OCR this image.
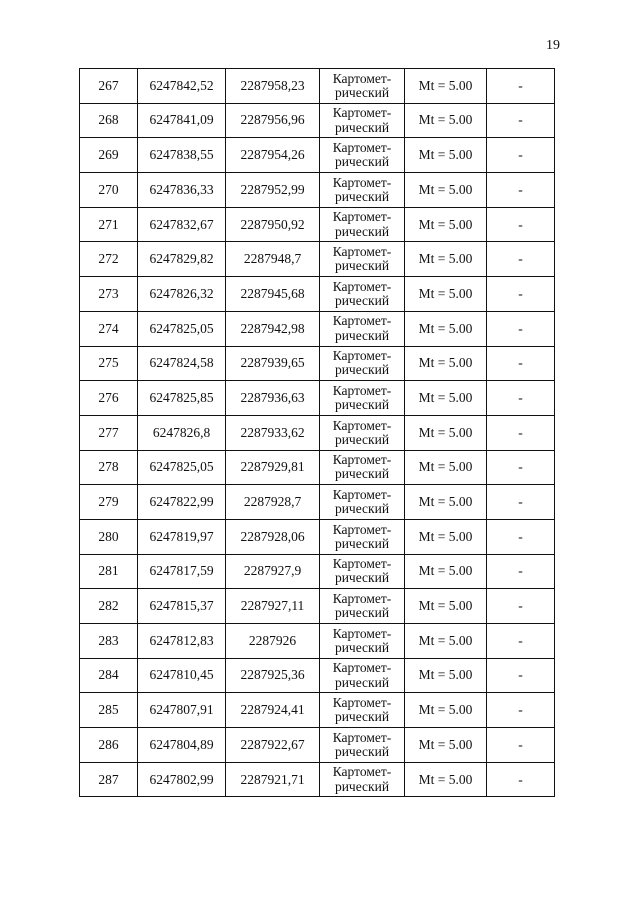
19
267	6247842,52	2287958,23	Картомет-
рический	Mt = 5.00	-
268	6247841,09	2287956,96	Картомет-
рический	Mt = 5.00	-
269	6247838,55	2287954,26	Картомет-
рический	Mt = 5.00	-
270	6247836,33	2287952,99	Картомет-
рический	Mt = 5.00	-
271	6247832,67	2287950,92	Картомет-
рический	Mt = 5.00	-
272	6247829,82	2287948,7	Картомет-
рический	Mt = 5.00	-
273	6247826,32	2287945,68	Картомет-
рический	Mt = 5.00	-
274	6247825,05	2287942,98	Картомет-
рический	Mt = 5.00	-
275	6247824,58	2287939,65	Картомет-
рический	Mt = 5.00	-
276	6247825,85	2287936,63	Картомет-
рический	Mt = 5.00	-
277	6247826,8	2287933,62	Картомет-
рический	Mt = 5.00	-
278	6247825,05	2287929,81	Картомет-
рический	Mt = 5.00	-
279	6247822,99	2287928,7	Картомет-
рический	Mt = 5.00	-
280	6247819,97	2287928,06	Картомет-
рический	Mt = 5.00	-
281	6247817,59	2287927,9	Картомет-
рический	Mt = 5.00	-
282	6247815,37	2287927,11	Картомет-
рический	Mt = 5.00	-
283	6247812,83	2287926	Картомет-
рический	Mt = 5.00	-
284	6247810,45	2287925,36	Картомет-
рический	Mt = 5.00	-
285	6247807,91	2287924,41	Картомет-
рический	Mt = 5.00	-
286	6247804,89	2287922,67	Картомет-
рический	Mt = 5.00	-
287	6247802,99	2287921,71	Картомет-
рический	Mt = 5.00	-
